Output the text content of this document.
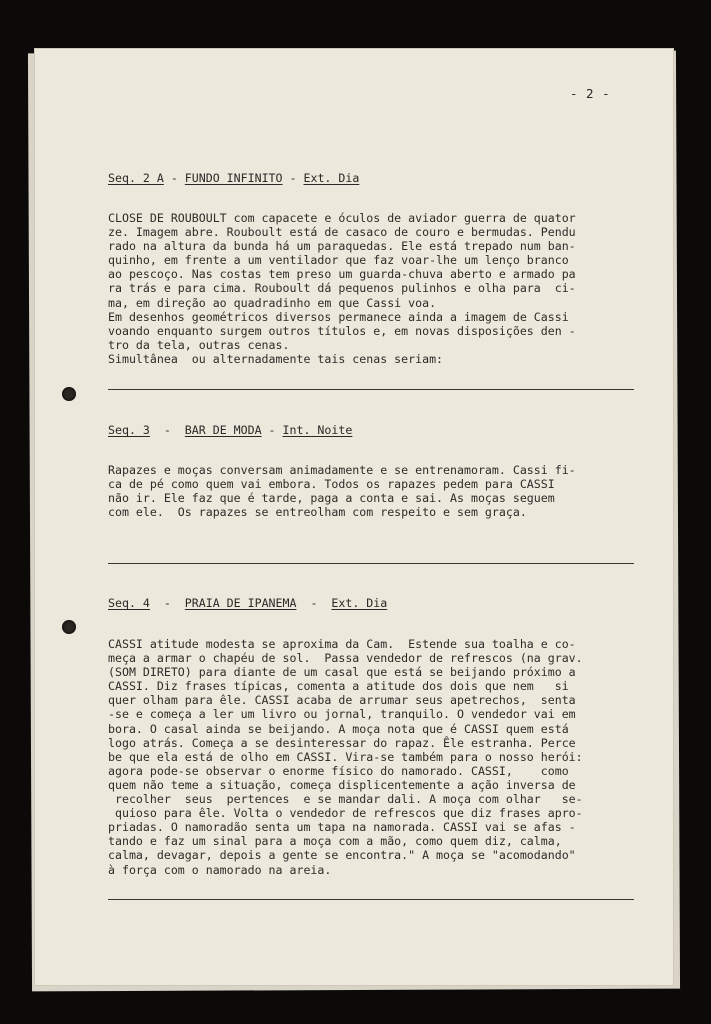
- 2 -
Seq. 2 A - FUNDO INFINITO - Ext. Dia
CLOSE DE ROUBOULT com capacete e óculos de aviador guerra de quator
ze. Imagem abre. Rouboult está de casaco de couro e bermudas. Pendu
rado na altura da bunda há um paraquedas. Ele está trepado num ban-
quinho, em frente a um ventilador que faz voar-lhe um lenço branco
ao pescoço. Nas costas tem preso um guarda-chuva aberto e armado pa
ra trás e para cima. Rouboult dá pequenos pulinhos e olha para  ci-
ma, em direção ao quadradinho em que Cassi voa.
Em desenhos geométricos diversos permanece ainda a imagem de Cassi
voando enquanto surgem outros títulos e, em novas disposições den -
tro da tela, outras cenas.
Simultânea  ou alternadamente tais cenas seriam:
Seq. 3  -  BAR DE MODA - Int. Noite
Rapazes e moças conversam animadamente e se entrenamoram. Cassi fi-
ca de pé como quem vai embora. Todos os rapazes pedem para CASSI
não ir. Ele faz que é tarde, paga a conta e sai. As moças seguem
com ele.  Os rapazes se entreolham com respeito e sem graça.
Seq. 4  -  PRAIA DE IPANEMA  -  Ext. Dia
CASSI atitude modesta se aproxima da Cam.  Estende sua toalha e co-
meça a armar o chapéu de sol.  Passa vendedor de refrescos (na grav.
(SOM DIRETO) para diante de um casal que está se beijando próximo a
CASSI. Diz frases típicas, comenta a atitude dos dois que nem   si
quer olham para êle. CASSI acaba de arrumar seus apetrechos,  senta
-se e começa a ler um livro ou jornal, tranquilo. O vendedor vai em
bora. O casal ainda se beijando. A moça nota que é CASSI quem está
logo atrás. Começa a se desinteressar do rapaz. Êle estranha. Perce
be que ela está de olho em CASSI. Vira-se também para o nosso herói:
agora pode-se observar o enorme físico do namorado. CASSI,    como
quem não teme a situação, começa displicentemente a ação inversa de
recolher  seus  pertences  e se mandar dali. A moça com olhar   se-
quioso para êle. Volta o vendedor de refrescos que diz frases apro-
priadas. O namoradão senta um tapa na namorada. CASSI vai se afas -
tando e faz um sinal para a moça com a mão, como quem diz, calma,
calma, devagar, depois a gente se encontra." A moça se "acomodando"
à força com o namorado na areia.
